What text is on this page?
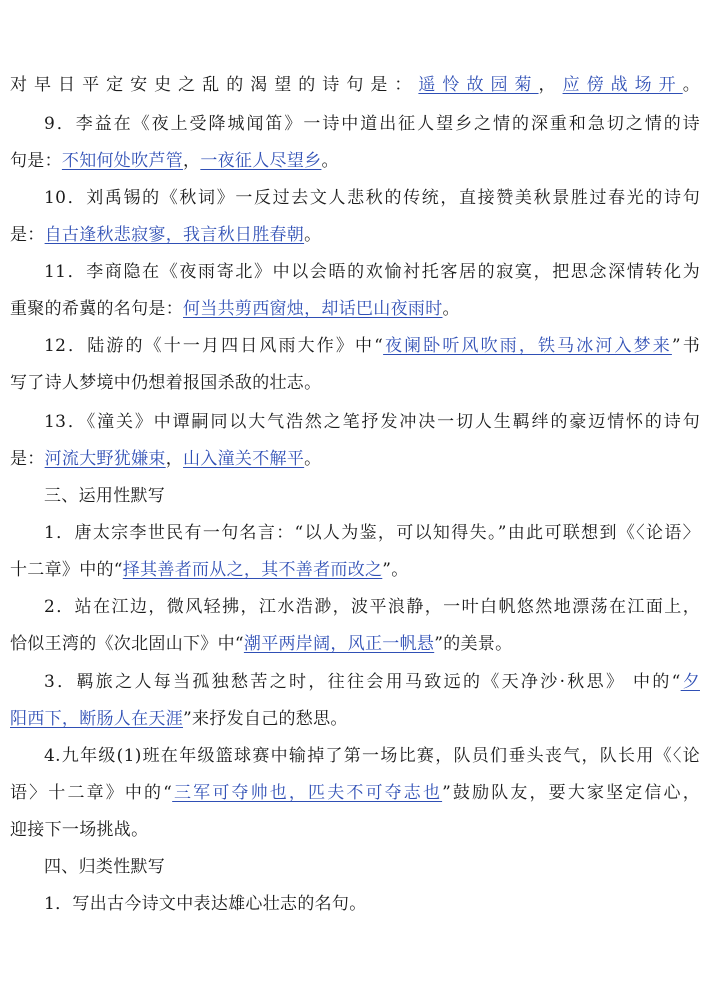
对早日平定安史之乱的渴望的诗句是：遥怜故园菊，应傍战场开。
9．李益在《夜上受降城闻笛》一诗中道出征人望乡之情的深重和急切之情的诗
句是：不知何处吹芦管，一夜征人尽望乡。
10．刘禹锡的《秋词》一反过去文人悲秋的传统，直接赞美秋景胜过春光的诗句
是：自古逢秋悲寂寥，我言秋日胜春朝。
11．李商隐在《夜雨寄北》中以会晤的欢愉衬托客居的寂寞，把思念深情转化为
重聚的希冀的名句是：何当共剪西窗烛，却话巴山夜雨时。
12．陆游的《十一月四日风雨大作》中“夜阑卧听风吹雨，铁马冰河入梦来”书
写了诗人梦境中仍想着报国杀敌的壮志。
13．《潼关》中谭嗣同以大气浩然之笔抒发冲决一切人生羁绊的豪迈情怀的诗句
是：河流大野犹嫌束，山入潼关不解平。
三、运用性默写
1．唐太宗李世民有一句名言：“以人为鉴，可以知得失。”由此可联想到《〈论语〉
十二章》中的“择其善者而从之，其不善者而改之”。
2．站在江边，微风轻拂，江水浩渺，波平浪静，一叶白帆悠然地漂荡在江面上，
恰似王湾的《次北固山下》中“潮平两岸阔，风正一帆悬”的美景。
3．羁旅之人每当孤独愁苦之时，往往会用马致远的《天净沙·秋思》 中的“夕
阳西下，断肠人在天涯”来抒发自己的愁思。
4.九年级(1)班在年级篮球赛中输掉了第一场比赛，队员们垂头丧气，队长用《〈论
语〉十二章》中的“三军可夺帅也，匹夫不可夺志也”鼓励队友，要大家坚定信心，
迎接下一场挑战。
四、归类性默写
1．写出古今诗文中表达雄心壮志的名句。
